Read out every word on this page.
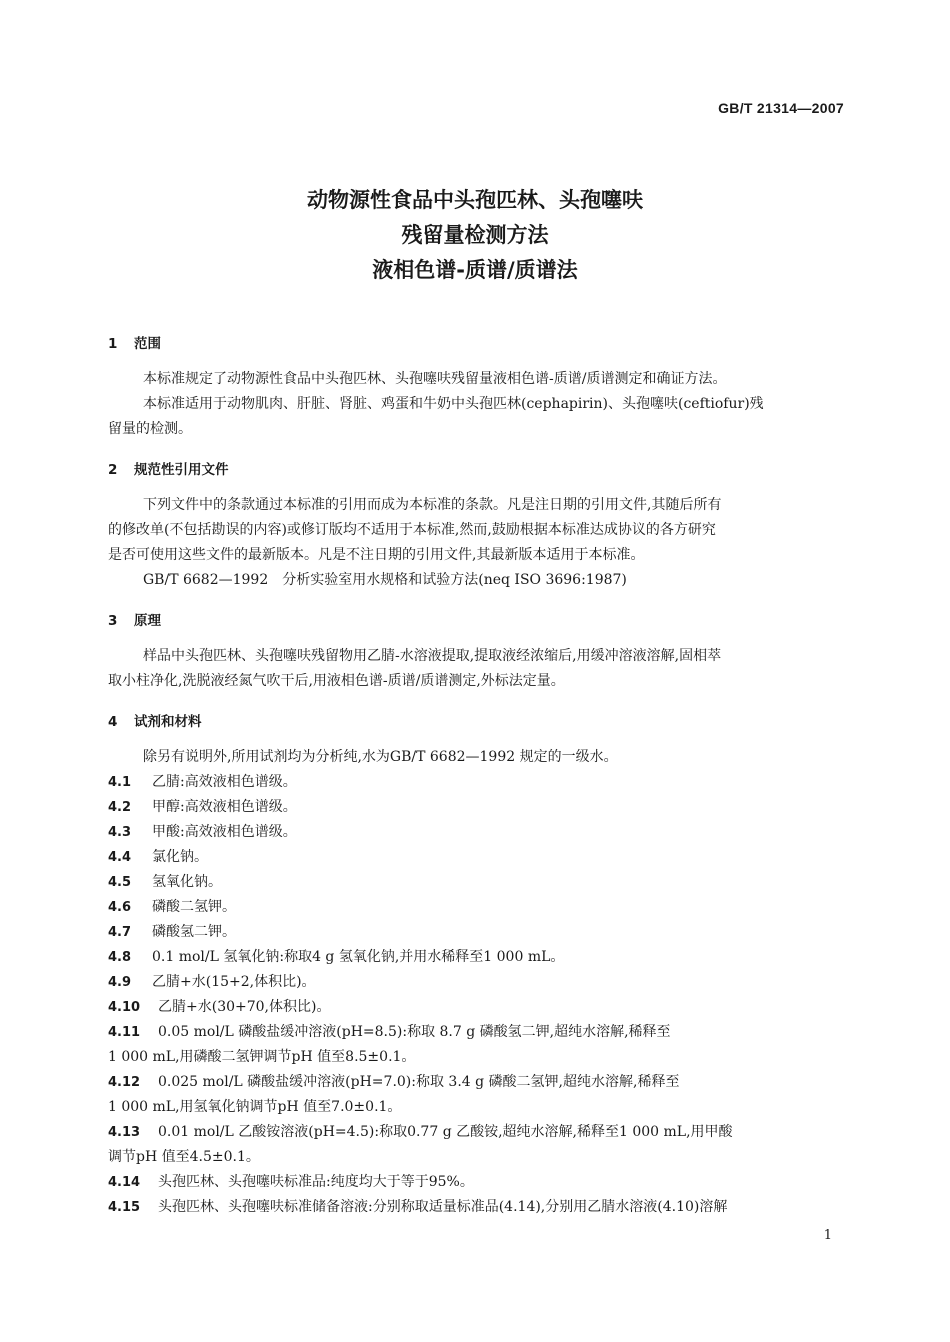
GB/T 21314—2007
动物源性食品中头孢匹林、头孢噻呋
残留量检测方法
液相色谱-质谱/质谱法
1 范围
本标准规定了动物源性食品中头孢匹林、头孢噻呋残留量液相色谱-质谱/质谱测定和确证方法。
本标准适用于动物肌肉、肝脏、肾脏、鸡蛋和牛奶中头孢匹林(cephapirin)、头孢噻呋(ceftiofur)残
留量的检测。
2 规范性引用文件
下列文件中的条款通过本标准的引用而成为本标准的条款。凡是注日期的引用文件,其随后所有
的修改单(不包括勘误的内容)或修订版均不适用于本标准,然而,鼓励根据本标准达成协议的各方研究
是否可使用这些文件的最新版本。凡是不注日期的引用文件,其最新版本适用于本标准。
GB/T 6682—1992　分析实验室用水规格和试验方法(neq ISO 3696:1987)
3 原理
样品中头孢匹林、头孢噻呋残留物用乙腈-水溶液提取,提取液经浓缩后,用缓冲溶液溶解,固相萃
取小柱净化,洗脱液经氮气吹干后,用液相色谱-质谱/质谱测定,外标法定量。
4 试剂和材料
除另有说明外,所用试剂均为分析纯,水为GB/T 6682—1992 规定的一级水。
4.1 乙腈:高效液相色谱级。
4.2 甲醇:高效液相色谱级。
4.3 甲酸:高效液相色谱级。
4.4 氯化钠。
4.5 氢氧化钠。
4.6 磷酸二氢钾。
4.7 磷酸氢二钾。
4.8 0.1 mol/L 氢氧化钠:称取4 g 氢氧化钠,并用水稀释至1 000 mL。
4.9 乙腈+水(15+2,体积比)。
4.10 乙腈+水(30+70,体积比)。
4.11 0.05 mol/L 磷酸盐缓冲溶液(pH=8.5):称取 8.7 g 磷酸氢二钾,超纯水溶解,稀释至
1 000 mL,用磷酸二氢钾调节pH 值至8.5±0.1。
4.12 0.025 mol/L 磷酸盐缓冲溶液(pH=7.0):称取 3.4 g 磷酸二氢钾,超纯水溶解,稀释至
1 000 mL,用氢氧化钠调节pH 值至7.0±0.1。
4.13 0.01 mol/L 乙酸铵溶液(pH=4.5):称取0.77 g 乙酸铵,超纯水溶解,稀释至1 000 mL,用甲酸
调节pH 值至4.5±0.1。
4.14 头孢匹林、头孢噻呋标准品:纯度均大于等于95%。
4.15 头孢匹林、头孢噻呋标准储备溶液:分别称取适量标准品(4.14),分别用乙腈水溶液(4.10)溶解
1
